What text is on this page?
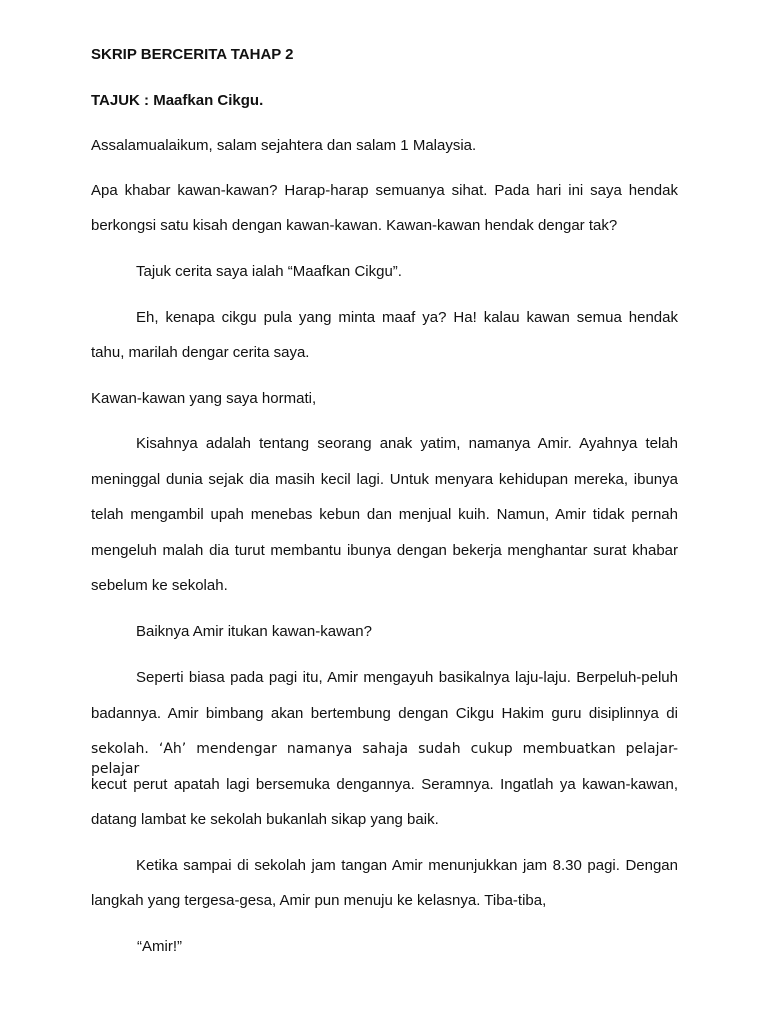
SKRIP BERCERITA TAHAP 2
TAJUK : Maafkan Cikgu.
Assalamualaikum, salam sejahtera dan salam 1 Malaysia.
Apa khabar kawan-kawan? Harap-harap semuanya sihat. Pada hari ini saya hendak
berkongsi satu kisah dengan kawan-kawan. Kawan-kawan hendak dengar tak?
Tajuk cerita saya ialah “Maafkan Cikgu”.
Eh, kenapa cikgu pula yang minta maaf ya? Ha! kalau kawan semua hendak
tahu, marilah dengar cerita saya.
Kawan-kawan yang saya hormati,
Kisahnya adalah tentang seorang anak yatim, namanya Amir. Ayahnya telah
meninggal dunia sejak dia masih kecil lagi. Untuk menyara kehidupan mereka, ibunya
telah mengambil upah menebas kebun dan menjual kuih. Namun, Amir tidak pernah
mengeluh malah dia turut membantu ibunya dengan bekerja menghantar surat khabar
sebelum ke sekolah.
Baiknya Amir itukan kawan-kawan?
Seperti biasa pada pagi itu, Amir mengayuh basikalnya laju-laju. Berpeluh-peluh
badannya. Amir bimbang akan bertembung dengan Cikgu Hakim guru disiplinnya di
sekolah. ‘Ah’ mendengar namanya sahaja sudah cukup membuatkan pelajar-pelajar
kecut perut apatah lagi bersemuka dengannya. Seramnya. Ingatlah ya kawan-kawan,
datang lambat ke sekolah bukanlah sikap yang baik.
Ketika sampai di sekolah jam tangan Amir menunjukkan jam 8.30 pagi. Dengan
langkah yang tergesa-gesa, Amir pun menuju ke kelasnya. Tiba-tiba,
“Amir!”
